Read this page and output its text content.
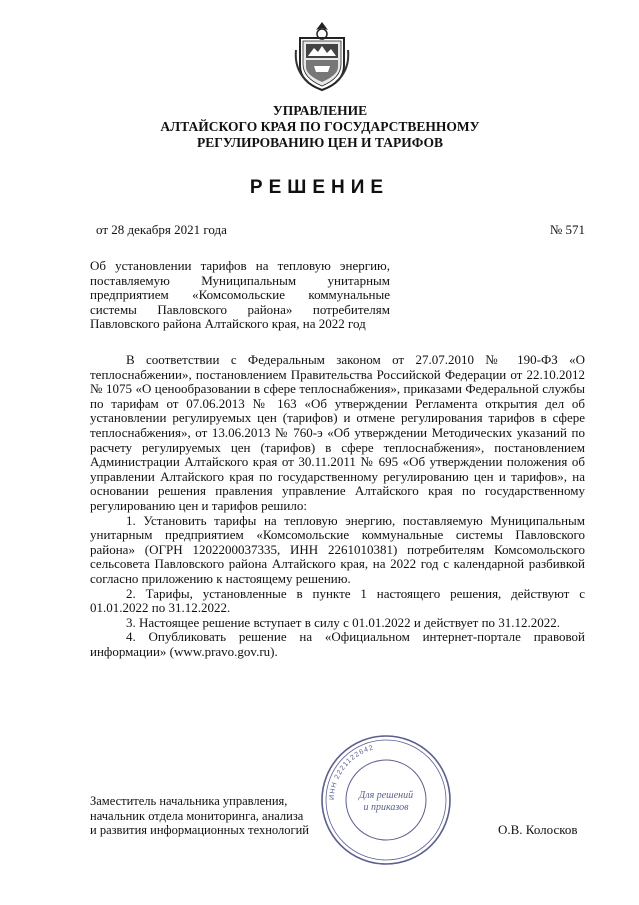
УПРАВЛЕНИЕ
АЛТАЙСКОГО КРАЯ ПО ГОСУДАРСТВЕННОМУ
РЕГУЛИРОВАНИЮ ЦЕН И ТАРИФОВ
РЕШЕНИЕ
от 28 декабря 2021 года	№ 571
Об установлении тарифов на тепловую энергию,
поставляемую Муниципальным унитарным
предприятием «Комсомольские коммунальные
системы Павловского района» потребителям
Павловского района Алтайского края, на 2022 год

В соответствии с Федеральным законом от 27.07.2010 № 190-ФЗ «О теплоснабжении», постановлением Правительства Российской Федерации от 22.10.2012 № 1075 «О ценообразовании в сфере теплоснабжения», приказами Федеральной службы по тарифам от 07.06.2013 № 163 «Об утверждении Регламента открытия дел об установлении регулируемых цен (тарифов) и отмене регулирования тарифов в сфере теплоснабжения», от 13.06.2013 № 760-э «Об утверждении Методических указаний по расчету регулируемых цен (тарифов) в сфере теплоснабжения», постановлением Администрации Алтайского края от 30.11.2011 № 695 «Об утверждении положения об управлении Алтайского края по государственному регулированию цен и тарифов», на основании решения правления управление Алтайского края по государственному регулированию цен и тарифов решило:

1. Установить тарифы на тепловую энергию, поставляемую Муниципальным унитарным предприятием «Комсомольские коммунальные системы Павловского района» (ОГРН 1202200037335, ИНН 2261010381) потребителям Комсомольского сельсовета Павловского района Алтайского края, на 2022 год с календарной разбивкой согласно приложению к настоящему решению.

2. Тарифы, установленные в пункте 1 настоящего решения, действуют с 01.01.2022 по 31.12.2022.

3. Настоящее решение вступает в силу с 01.01.2022 и действует по 31.12.2022.

4. Опубликовать решение на «Официальном интернет-портале правовой информации» (www.pravo.gov.ru).

ИНН 2221122642
Для решений
и приказов
Заместитель начальника управления,
начальник отдела мониторинга, анализа
и развития информационных технологий	О.В. Колосков
